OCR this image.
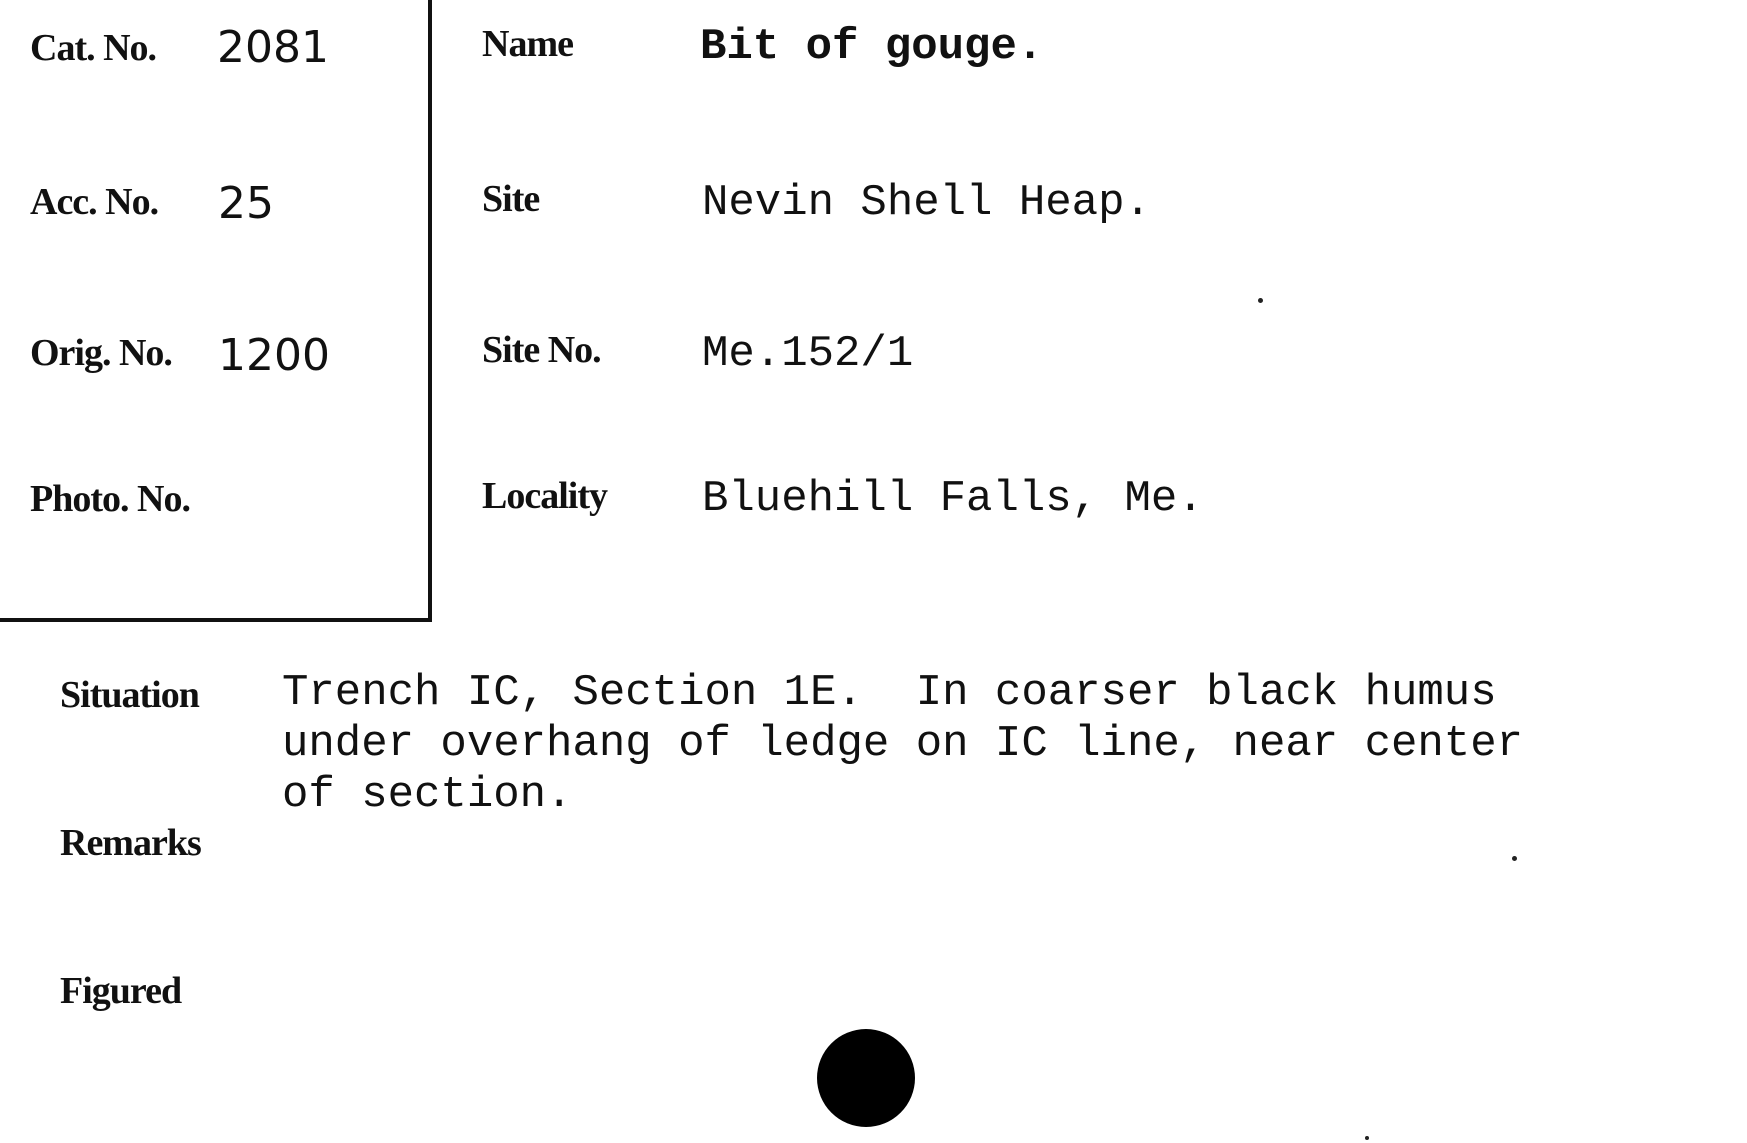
Cat. No. 2081
Acc. No. 25
Orig. No. 1200
Photo. No.
Name	Bit of gouge.
Site	Nevin Shell Heap.
Site No. Me.152/1
Locality Bluehill Falls, Me.
Situation Trench IC, Section 1E.  In coarser black humus
under overhang of ledge on IC line, near center
of section.
Remarks
Figured
